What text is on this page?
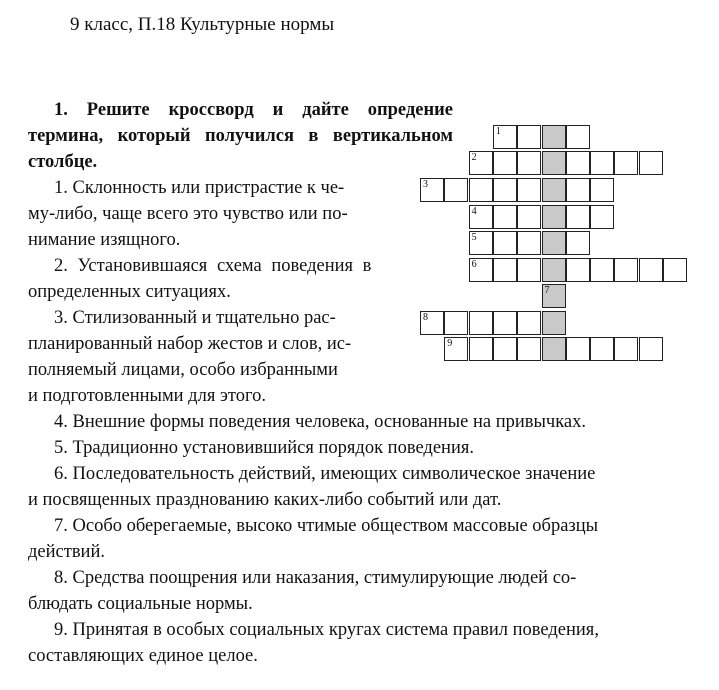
9 класс, П.18 Культурные нормы
1. Решите кроссворд и дайте опредение термина, который получился в вертикальном столбце.
1. Склонность или пристрастие к че-
му-либо, чаще всего это чувство или по-
нимание изящного.
2. Установившаяся схема поведения в
определенных ситуациях.
3. Стилизованный и тщательно рас-
планированный набор жестов и слов, ис-
полняемый лицами, особо избранными
и подготовленными для этого.
4. Внешние формы поведения человека, основанные на привычках.
5. Традиционно установившийся порядок поведения.
6. Последовательность действий, имеющих символическое значение
и посвященных празднованию каких-либо событий или дат.
7. Особо оберегаемые, высоко чтимые обществом массовые образцы
действий.
8. Средства поощрения или наказания, стимулирующие людей со-
блюдать социальные нормы.
9. Принятая в особых социальных кругах система правил поведения,
составляющих единое целое.
1
2
3
4
5
6
7
8
9
